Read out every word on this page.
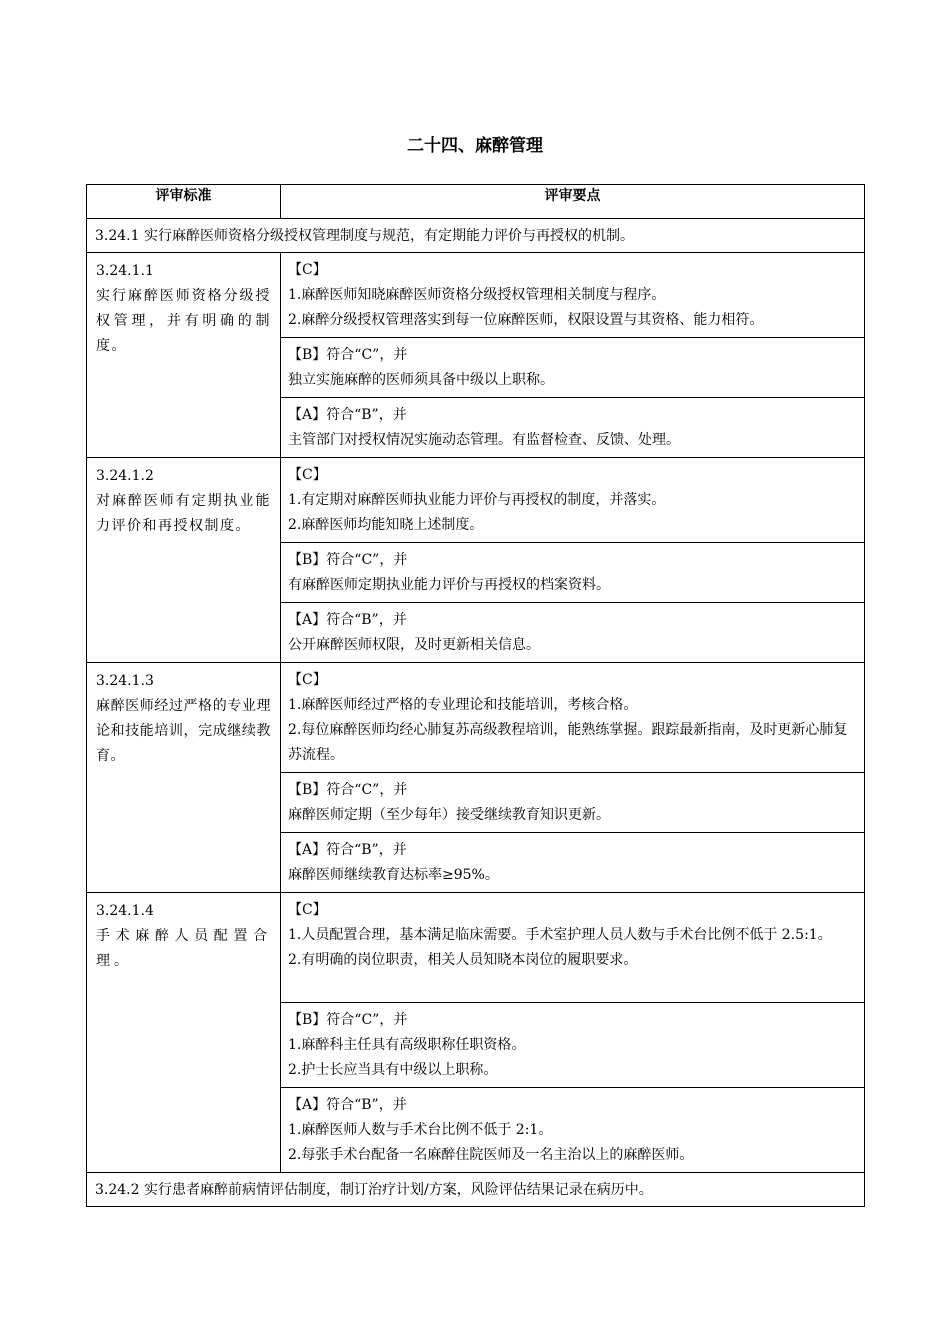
二十四、麻醉管理
评审标准	评审要点
3.24.1 实行麻醉医师资格分级授权管理制度与规范，有定期能力评价与再授权的机制。	

3.24.1.1
实行麻醉医师资格分级授权管理，并有明确的制度。	【C】
1.麻醉医师知晓麻醉医师资格分级授权管理相关制度与程序。
2.麻醉分级授权管理落实到每一位麻醉医师，权限设置与其资格、能力相符。

	【B】符合“C”，并
独立实施麻醉的医师须具备中级以上职称。

	【A】符合“B”，并
主管部门对授权情况实施动态管理。有监督检查、反馈、处理。

3.24.1.2
对麻醉医师有定期执业能力评价和再授权制度。	【C】
1.有定期对麻醉医师执业能力评价与再授权的制度，并落实。
2.麻醉医师均能知晓上述制度。

	【B】符合“C”，并
有麻醉医师定期执业能力评价与再授权的档案资料。

	【A】符合“B”，并
公开麻醉医师权限，及时更新相关信息。

3.24.1.3
麻醉医师经过严格的专业理论和技能培训，完成继续教育。	【C】
1.麻醉医师经过严格的专业理论和技能培训，考核合格。
2.每位麻醉医师均经心肺复苏高级教程培训，能熟练掌握。跟踪最新指南，及时更新心肺复苏流程。

	【B】符合“C”，并
麻醉医师定期（至少每年）接受继续教育知识更新。

	【A】符合“B”，并
麻醉医师继续教育达标率≥95%。

3.24.1.4
手术麻醉人员配置合理。	【C】
1.人员配置合理，基本满足临床需要。手术室护理人员人数与手术台比例不低于 2.5:1。
2.有明确的岗位职责，相关人员知晓本岗位的履职要求。

	【B】符合“C”，并
1.麻醉科主任具有高级职称任职资格。
2.护士长应当具有中级以上职称。

	【A】符合“B”，并
1.麻醉医师人数与手术台比例不低于 2:1。
2.每张手术台配备一名麻醉住院医师及一名主治以上的麻醉医师。

3.24.2 实行患者麻醉前病情评估制度，制订治疗计划/方案，风险评估结果记录在病历中。	
